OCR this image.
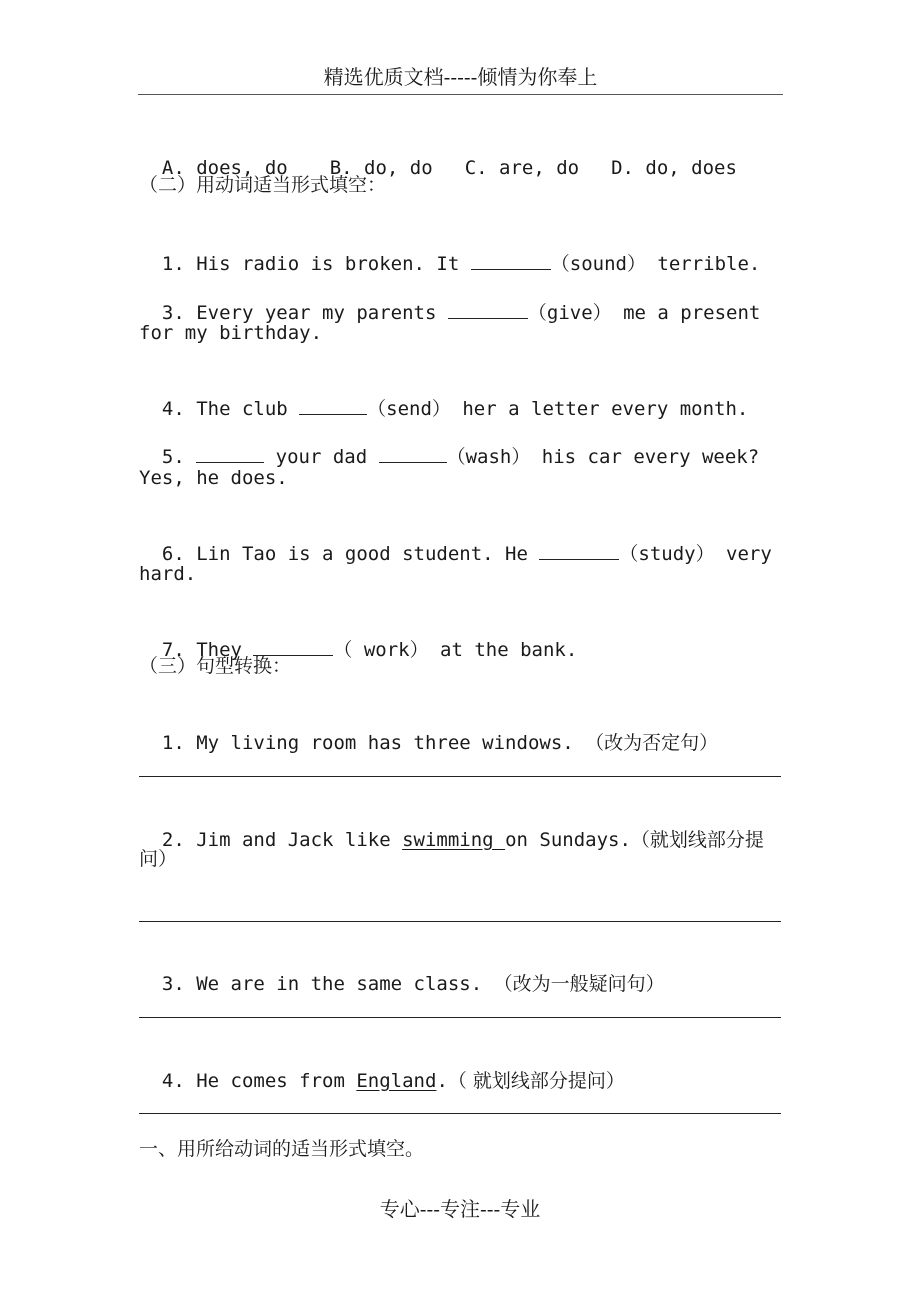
精选优质文档-----倾情为你奉上

A. does, do B. do, do C. are, do D. do, does

（二）用动词适当形式填空：

1. His radio is broken. It	（sound） terrible.

3. Every year my parents	（give） me a present

for my birthday.

4. The club	（send） her a letter every month.

5.	your dad	（wash） his car every week?

Yes, he does.

6. Lin Tao is a good student. He	（study） very

hard.

7. They	（ work） at the bank.

（三）句型转换：

1. My living room has three windows. （改为否定句）

2. Jim and Jack like swimming on Sundays.（就划线部分提

问）

3. We are in the same class. （改为一般疑问句）

4. He comes from England.（ 就划线部分提问）

一、用所给动词的适当形式填空。
专心---专注---专业
